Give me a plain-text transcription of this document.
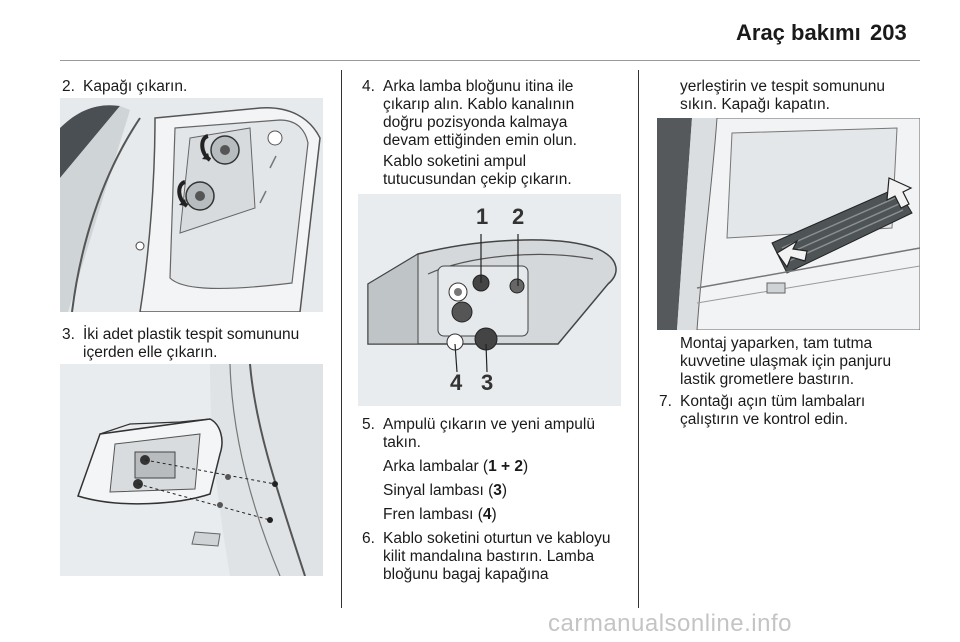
Araç bakımı 203
2. Kapağı çıkarın.
3. İki adet plastik tespit somununu
içerden elle çıkarın.
4. Arka lamba bloğunu itina ile
çıkarıp alın. Kablo kanalının
doğru pozisyonda kalmaya
devam ettiğinden emin olun.
Kablo soketini ampul
tutucusundan çekip çıkarın.
1 2
4 3
5. Ampulü çıkarın ve yeni ampulü
takın.
Arka lambalar (1 + 2)
Sinyal lambası (3)
Fren lambası (4)
6. Kablo soketini oturtun ve kabloyu
kilit mandalına bastırın. Lamba
bloğunu bagaj kapağına
yerleştirin ve tespit somununu
sıkın. Kapağı kapatın.
Montaj yaparken, tam tutma
kuvvetine ulaşmak için panjuru
lastik grometlere bastırın.
7. Kontağı açın tüm lambaları
çalıştırın ve kontrol edin.
carmanualsonline.info
